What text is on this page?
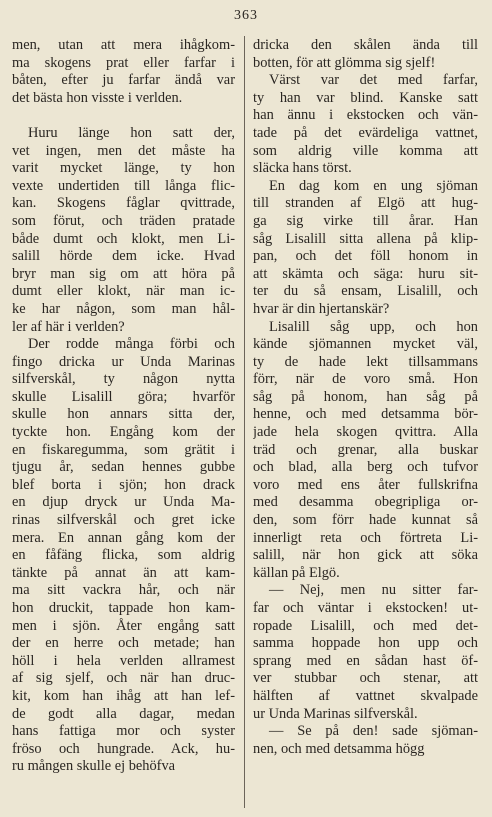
363
men, utan att mera ihågkom-
ma skogens prat eller farfar i
båten, efter ju farfar ändå var
det bästa hon visste i verlden.
Huru länge hon satt der,
vet ingen, men det måste ha
varit mycket länge, ty hon
vexte undertiden till långa flic-
kan. Skogens fåglar qvittrade,
som förut, och träden pratade
både dumt och klokt, men Li-
salill hörde dem icke. Hvad
bryr man sig om att höra på
dumt eller klokt, när man ic-
ke har någon, som man hål-
ler af här i verlden?
Der rodde många förbi och
fingo dricka ur Unda Marinas
silfverskål, ty någon nytta
skulle Lisalill göra; hvarför
skulle hon annars sitta der,
tyckte hon. Engång kom der
en fiskaregumma, som grätit i
tjugu år, sedan hennes gubbe
blef borta i sjön; hon drack
en djup dryck ur Unda Ma-
rinas silfverskål och gret icke
mera. En annan gång kom der
en fåfäng flicka, som aldrig
tänkte på annat än att kam-
ma sitt vackra hår, och när
hon druckit, tappade hon kam-
men i sjön. Åter engång satt
der en herre och metade; han
höll i hela verlden allramest
af sig sjelf, och när han druc-
kit, kom han ihåg att han lef-
de godt alla dagar, medan
hans fattiga mor och syster
fröso och hungrade. Ack, hu-
ru mången skulle ej behöfva
dricka den skålen ända till
botten, för att glömma sig sjelf!
Värst var det med farfar,
ty han var blind. Kanske satt
han ännu i ekstocken och vän-
tade på det evärdeliga vattnet,
som aldrig ville komma att
släcka hans törst.
En dag kom en ung sjöman
till stranden af Elgö att hug-
ga sig virke till årar. Han
såg Lisalill sitta allena på klip-
pan, och det föll honom in
att skämta och säga: huru sit-
ter du så ensam, Lisalill, och
hvar är din hjertanskär?
Lisalill såg upp, och hon
kände sjömannen mycket väl,
ty de hade lekt tillsammans
förr, när de voro små. Hon
såg på honom, han såg på
henne, och med detsamma bör-
jade hela skogen qvittra. Alla
träd och grenar, alla buskar
och blad, alla berg och tufvor
voro med ens åter fullskrifna
med desamma obegripliga or-
den, som förr hade kunnat så
innerligt reta och förtreta Li-
salill, när hon gick att söka
källan på Elgö.
— Nej, men nu sitter far-
far och väntar i ekstocken! ut-
ropade Lisalill, och med det-
samma hoppade hon upp och
sprang med en sådan hast öf-
ver stubbar och stenar, att
hälften af vattnet skvalpade
ur Unda Marinas silfverskål.
— Se på den! sade sjöman-
nen, och med detsamma högg
